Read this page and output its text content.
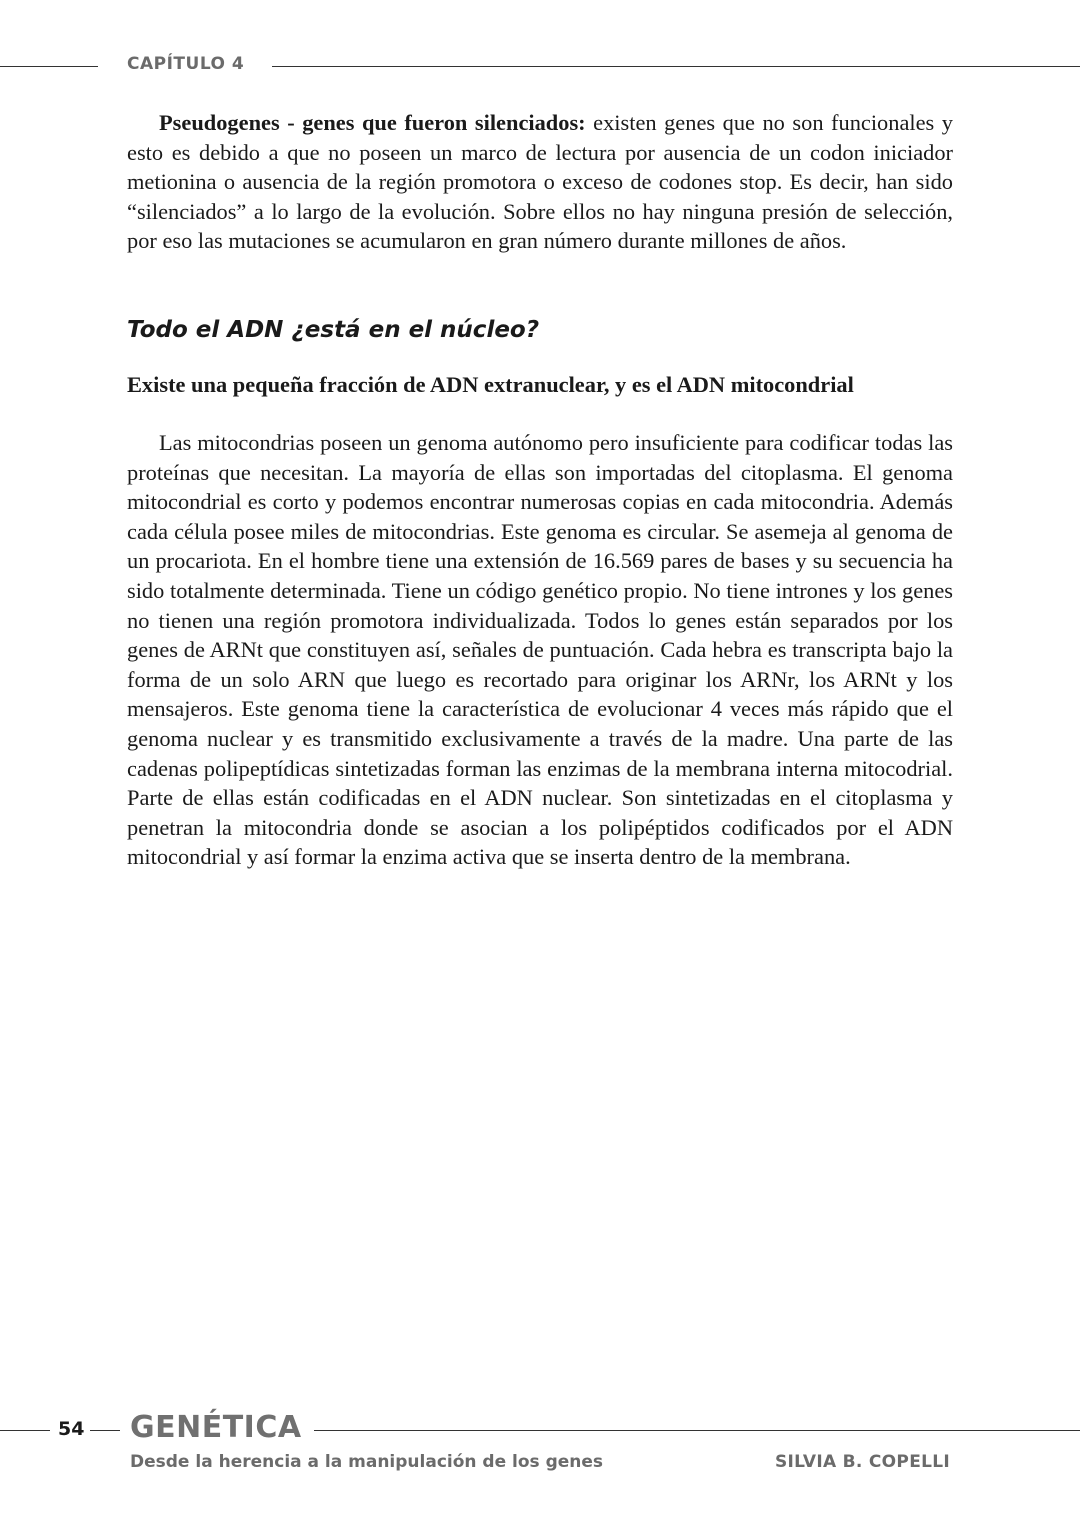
CAPÍTULO 4

Pseudogenes - genes que fueron silenciados: existen genes que no son funcionales y esto es debido a que no poseen un marco de lectura por ausencia de un codon iniciador metionina o ausencia de la región promotora o exceso de codones stop. Es decir, han sido “silenciados” a lo largo de la evolución. Sobre ellos no hay ninguna presión de selección, por eso las mutaciones se acumularon en gran número durante millones de años.

Todo el ADN ¿está en el núcleo?
Existe una pequeña fracción de ADN extranuclear, y es el ADN mitocondrial

Las mitocondrias poseen un genoma autónomo pero insuficiente para codificar todas las proteínas que necesitan. La mayoría de ellas son importadas del citoplasma. El genoma mitocondrial es corto y podemos encontrar numerosas copias en cada mitocondria. Además cada célula posee miles de mitocondrias. Este genoma es circular. Se asemeja al genoma de un procariota. En el hombre tiene una extensión de 16.569 pares de bases y su secuencia ha sido totalmente determinada. Tiene un código genético propio. No tiene intrones y los genes no tienen una región promotora individualizada. Todos lo genes están separados por los genes de ARNt que constituyen así, señales de puntuación. Cada hebra es transcripta bajo la forma de un solo ARN que luego es recortado para originar los ARNr, los ARNt y los mensajeros. Este genoma tiene la característica de evolucionar 4 veces más rápido que el genoma nuclear y es transmitido exclusivamente a través de la madre. Una parte de las cadenas polipeptídicas sintetizadas forman las enzimas de la membrana interna mitocodrial. Parte de ellas están codificadas en el ADN nuclear. Son sintetizadas en el citoplasma y penetran la mitocondria donde se asocian a los polipéptidos codificados por el ADN mitocondrial y así formar la enzima activa que se inserta dentro de la membrana.

54 GENÉTICA
Desde la herencia a la manipulación de los genes	SILVIA B. COPELLI
